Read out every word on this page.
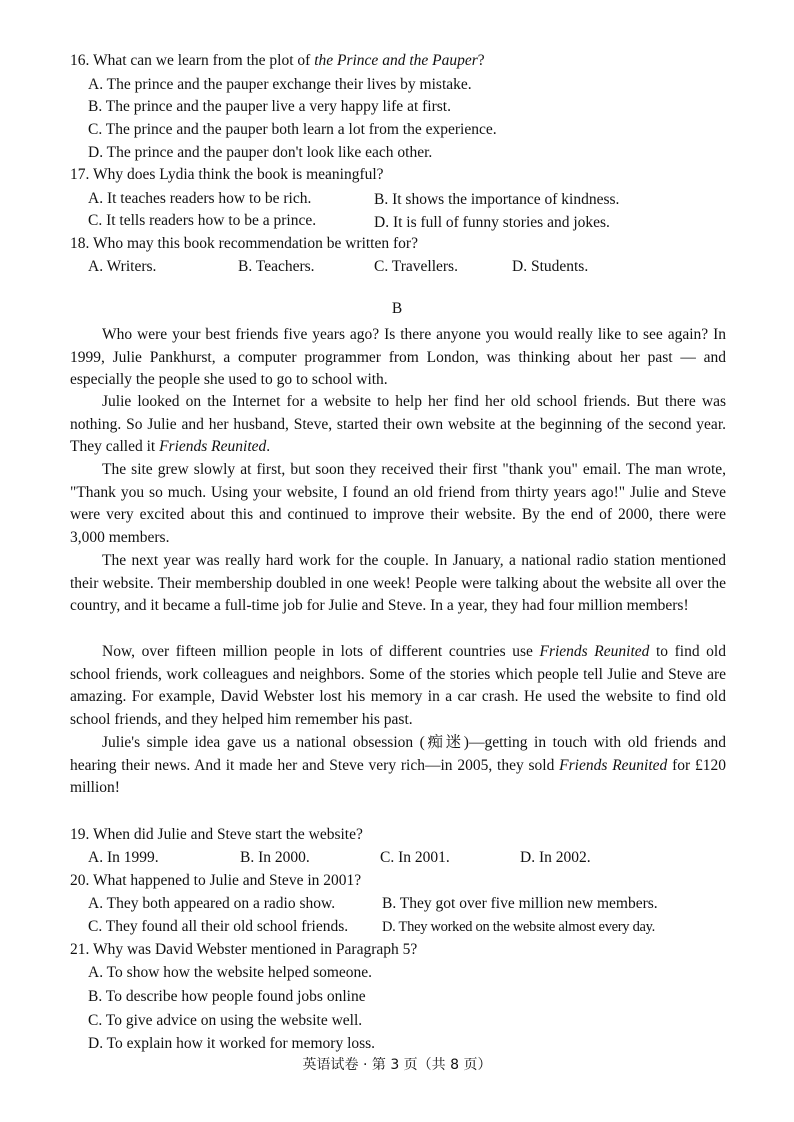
16. What can we learn from the plot of the Prince and the Pauper?
A. The prince and the pauper exchange their lives by mistake.
B. The prince and the pauper live a very happy life at first.
C. The prince and the pauper both learn a lot from the experience.
D. The prince and the pauper don't look like each other.
17. Why does Lydia think the book is meaningful?
A. It teaches readers how to be rich.	B. It shows the importance of kindness.
C. It tells readers how to be a prince.	D. It is full of funny stories and jokes.
18. Who may this book recommendation be written for?
A. Writers.	B. Teachers.	C. Travellers.	D. Students.
B
Who were your best friends five years ago? Is there anyone you would really like to see again? In 1999, Julie Pankhurst, a computer programmer from London, was thinking about her past — and especially the people she used to go to school with.
Julie looked on the Internet for a website to help her find her old school friends. But there was nothing. So Julie and her husband, Steve, started their own website at the beginning of the second year. They called it Friends Reunited.
The site grew slowly at first, but soon they received their first "thank you" email. The man wrote, "Thank you so much. Using your website, I found an old friend from thirty years ago!" Julie and Steve were very excited about this and continued to improve their website. By the end of 2000, there were 3,000 members.
The next year was really hard work for the couple. In January, a national radio station mentioned their website. Their membership doubled in one week! People were talking about the website all over the country, and it became a full-time job for Julie and Steve. In a year, they had four million members!
Now, over fifteen million people in lots of different countries use Friends Reunited to find old school friends, work colleagues and neighbors. Some of the stories which people tell Julie and Steve are amazing. For example, David Webster lost his memory in a car crash. He used the website to find old school friends, and they helped him remember his past.
Julie's simple idea gave us a national obsession (痴迷)—getting in touch with old friends and hearing their news. And it made her and Steve very rich—in 2005, they sold Friends Reunited for £120 million!
19. When did Julie and Steve start the website?
A. In 1999.	B. In 2000.	C. In 2001.	D. In 2002.
20. What happened to Julie and Steve in 2001?
A. They both appeared on a radio show.	B. They got over five million new members.
C. They found all their old school friends. D. They worked on the website almost every day.
21. Why was David Webster mentioned in Paragraph 5?
A. To show how the website helped someone.
B. To describe how people found jobs online
C. To give advice on using the website well.
D. To explain how it worked for memory loss.
英语试卷 · 第 3 页（共 8 页）
